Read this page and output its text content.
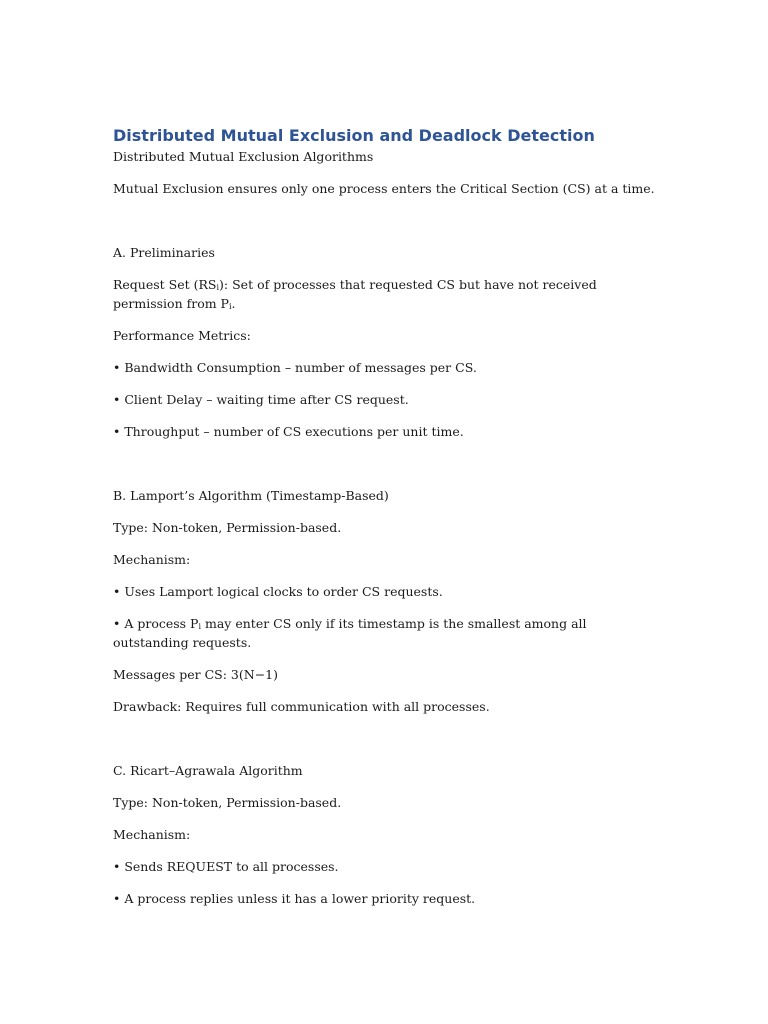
Distributed Mutual Exclusion and Deadlock Detection

Distributed Mutual Exclusion Algorithms

Mutual Exclusion ensures only one process enters the Critical Section (CS) at a time.

A. Preliminaries

Request Set $(RS_i)$: Set of processes that requested CS but have not received permission from $P_i$.

Performance Metrics:

• Bandwidth Consumption – number of messages per CS.

• Client Delay – waiting time after CS request.

• Throughput – number of CS executions per unit time.

B. Lamport’s Algorithm (Timestamp-Based)

Type: Non-token, Permission-based.

Mechanism:

• Uses Lamport logical clocks to order CS requests.

• A process $P_i$ may enter CS only if its timestamp is the smallest among all outstanding requests.

Messages per CS: 3(N−1)

Drawback: Requires full communication with all processes.

C. Ricart–Agrawala Algorithm

Type: Non-token, Permission-based.

Mechanism:

• Sends REQUEST to all processes.

• A process replies unless it has a lower priority request.
